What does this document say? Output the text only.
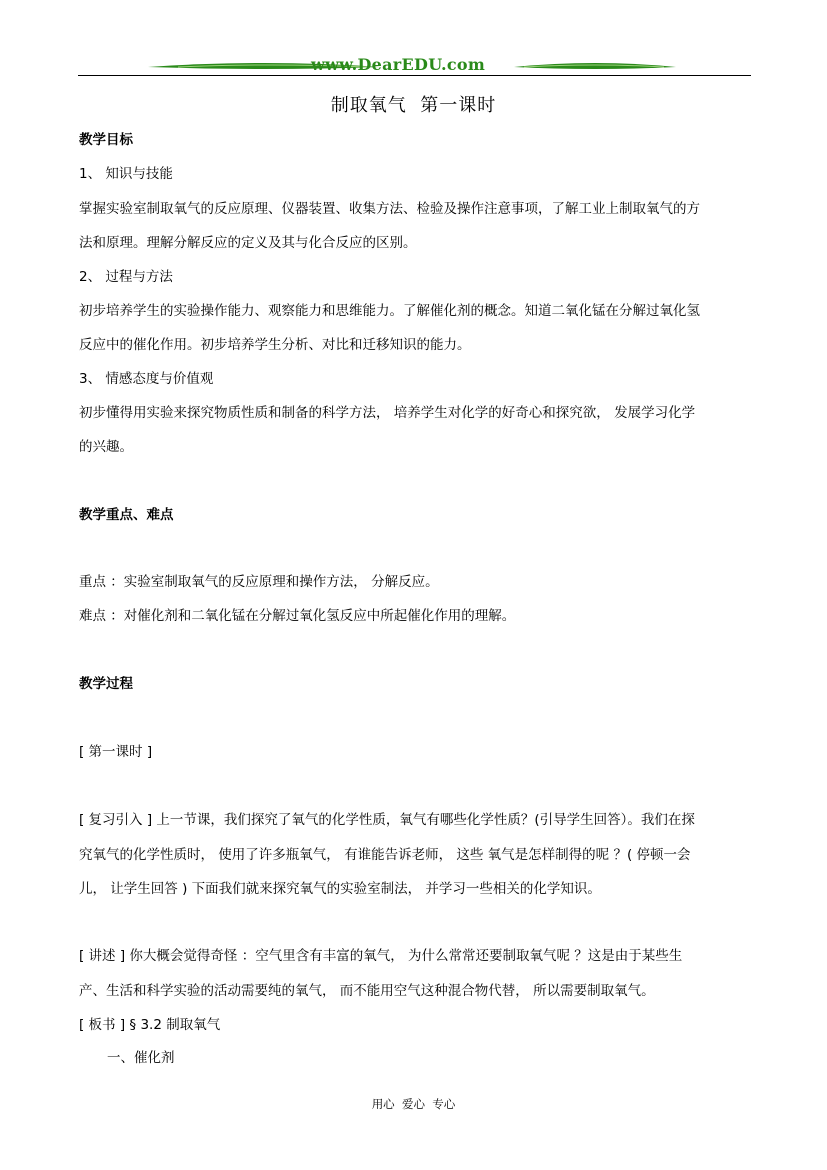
www.DearEDU.com
制取氧气  第一课时
教学目标
1、 知识与技能
掌握实验室制取氧气的反应原理、仪器装置、收集方法、检验及操作注意事项，了解工业上制取氧气的方
法和原理。理解分解反应的定义及其与化合反应的区别。
2、 过程与方法
初步培养学生的实验操作能力、观察能力和思维能力。了解催化剂的概念。知道二氧化锰在分解过氧化氢
反应中的催化作用。初步培养学生分析、对比和迁移知识的能力。
3、 情感态度与价值观
初步懂得用实验来探究物质性质和制备的科学方法， 培养学生对化学的好奇心和探究欲， 发展学习化学
的兴趣。
教学重点、难点
重点 ：实验室制取氧气的反应原理和操作方法， 分解反应。
难点 ：对催化剂和二氧化锰在分解过氧化氢反应中所起催化作用的理解。
教学过程
[ 第一课时 ]
[ 复习引入 ] 上一节课，我们探究了氧气的化学性质，氧气有哪些化学性质？(引导学生回答）。我们在探
究氧气的化学性质时， 使用了许多瓶氧气， 有谁能告诉老师， 这些 氧气是怎样制得的呢 ？( 停顿一会
儿， 让学生回答 ) 下面我们就来探究氧气的实验室制法， 并学习一些相关的化学知识。
[ 讲述 ] 你大概会觉得奇怪 ：空气里含有丰富的氧气， 为什么常常还要制取氧气呢 ？这是由于某些生
产、生活和科学实验的活动需要纯的氧气， 而不能用空气这种混合物代替， 所以需要制取氧气。
[ 板书 ] § 3.2 制取氧气
一、催化剂
用心  爱心  专心
